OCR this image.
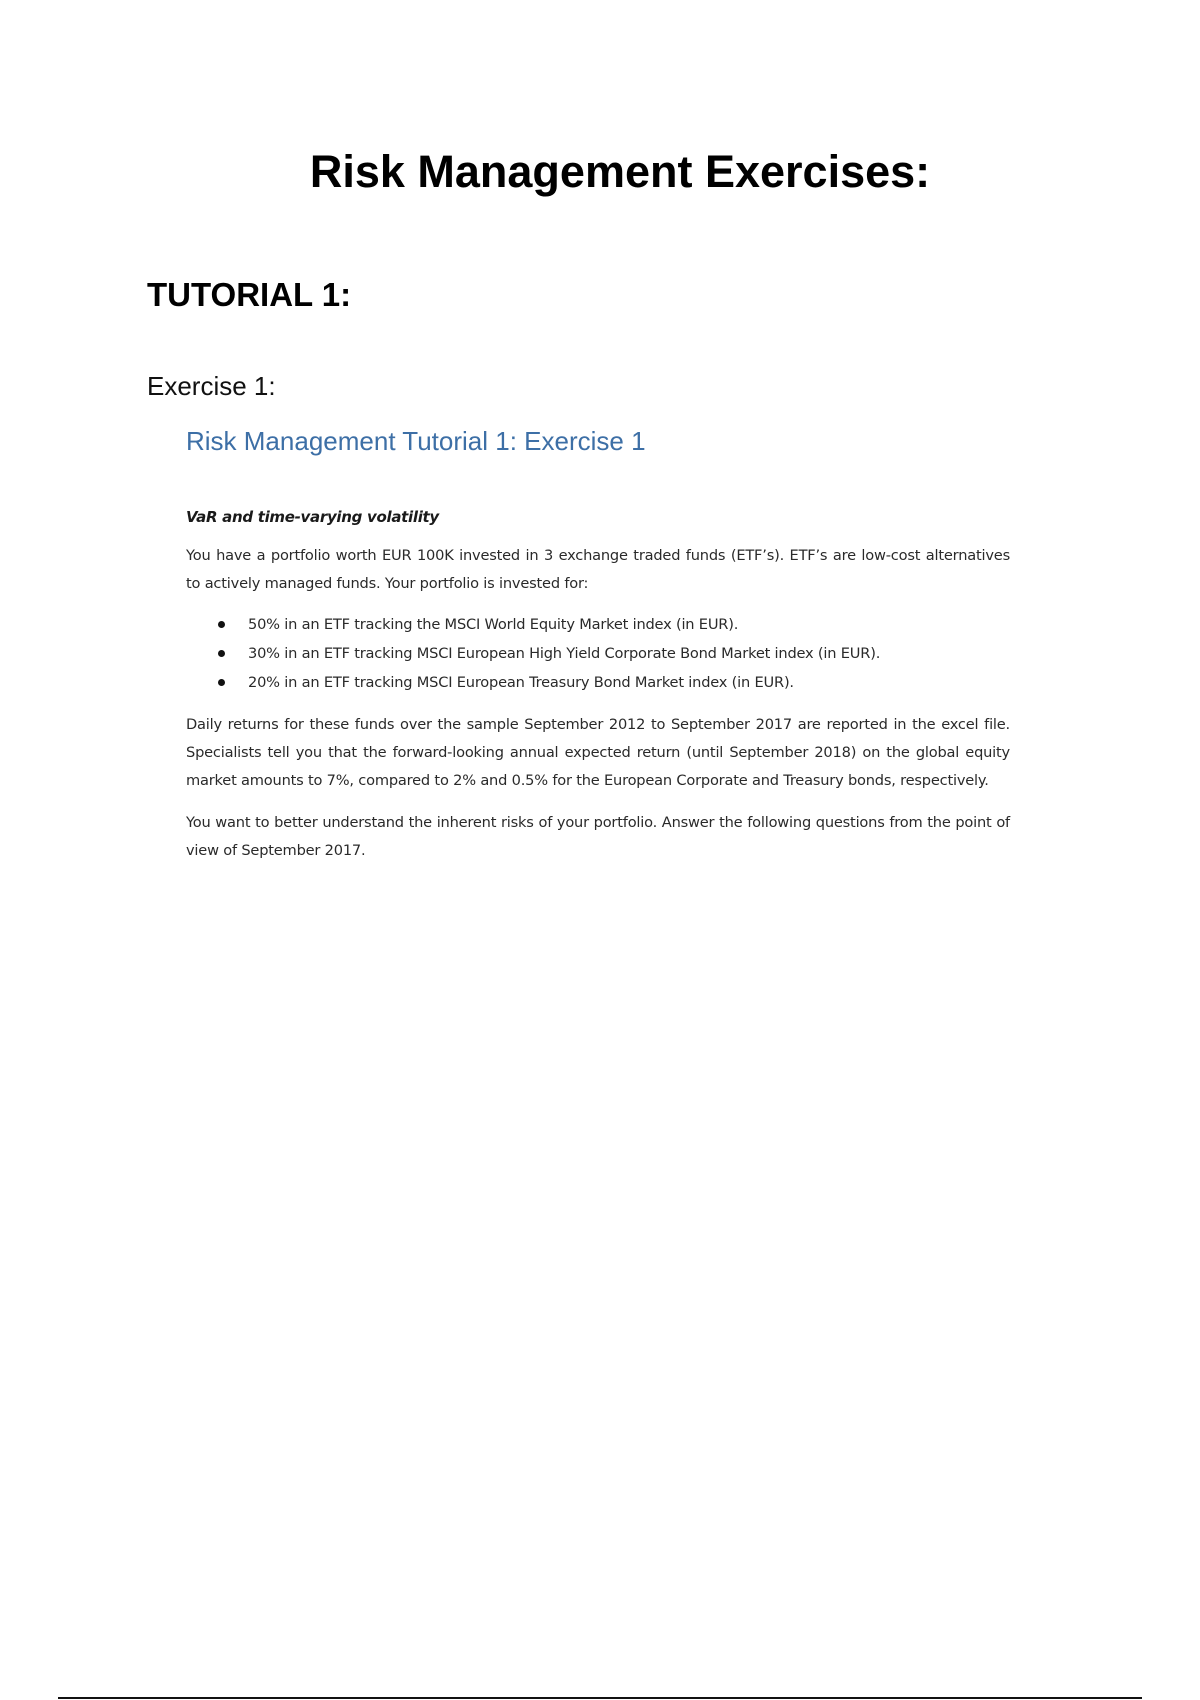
Risk Management Exercises:
TUTORIAL 1:
Exercise 1:
Risk Management Tutorial 1: Exercise 1
VaR and time-varying volatility

You have a portfolio worth EUR 100K invested in 3 exchange traded funds (ETF’s). ETF’s are low-cost alternatives to actively managed funds. Your portfolio is invested for:

50% in an ETF tracking the MSCI World Equity Market index (in EUR).
30% in an ETF tracking MSCI European High Yield Corporate Bond Market index (in EUR).
20% in an ETF tracking MSCI European Treasury Bond Market index (in EUR).

Daily returns for these funds over the sample September 2012 to September 2017 are reported in the excel file. Specialists tell you that the forward-looking annual expected return (until September 2018) on the global equity market amounts to 7%, compared to 2% and 0.5% for the European Corporate and Treasury bonds, respectively.

You want to better understand the inherent risks of your portfolio. Answer the following questions from the point of view of September 2017.
